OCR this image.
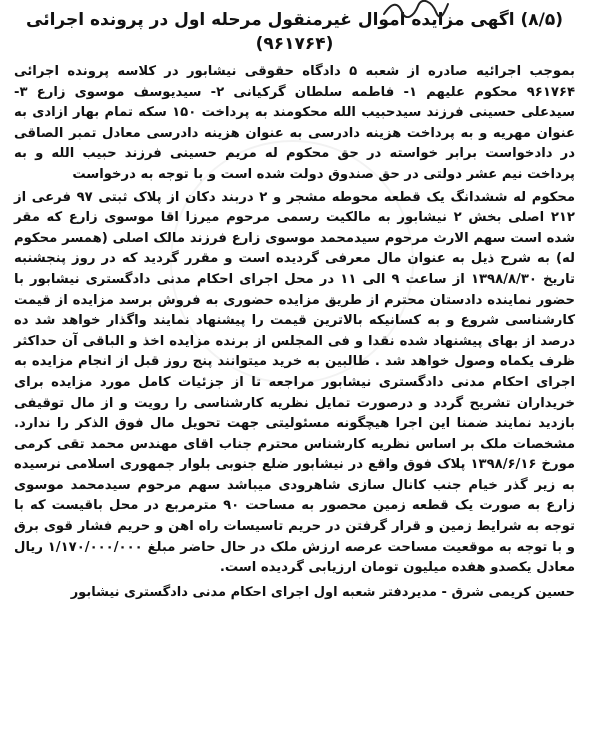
(۸/۵) اگهی مزایده اموال غیرمنقول مرحله اول در پرونده اجرائی
(۹۶۱۷۶۴)

بموجب اجرائیه صادره از شعبه ۵ دادگاه حقوقی نیشابور در کلاسه پرونده اجرائی ۹۶۱۷۶۴ محکوم علیهم ۱- فاطمه سلطان گرکیانی ۲- سیدیوسف موسوی زارع ۳- سیدعلی حسینی فرزند سیدحبیب الله محکومند به پرداخت ۱۵۰ سکه تمام بهار ازادی به عنوان مهریه و به پرداخت هزینه دادرسی به عنوان هزینه دادرسی معادل تمبر الصاقی در دادخواست برابر خواسته در حق محکوم له مریم حسینی فرزند حبیب الله و به پرداخت نیم عشر دولتی در حق صندوق دولت شده است و با توجه به درخواست

محکوم له ششدانگ یک قطعه محوطه مشجر و ۲ دربند دکان از پلاک ثبتی ۹۷ فرعی از ۲۱۲ اصلی بخش ۲ نیشابور به مالکیت رسمی مرحوم میرزا اقا موسوی زارع که مقر شده است سهم الارث مرحوم سیدمحمد موسوی زارع فرزند مالک اصلی (همسر محکوم له) به شرح ذیل به عنوان مال معرفی گردیده است و مقرر گردید که در روز پنجشنبه تاریخ ۱۳۹۸/۸/۳۰ از ساعت ۹ الی ۱۱ در محل اجرای احکام مدنی دادگستری نیشابور با حضور نماینده دادستان محترم از طریق مزایده حضوری به فروش برسد مزایده از قیمت کارشناسی شروع و به کسانیکه بالاترین قیمت را پیشنهاد نمایند واگذار خواهد شد ده درصد از بهای پیشنهاد شده نقدا و فی المجلس از برنده مزایده اخذ و الباقی آن حداکثر ظرف یکماه وصول خواهد شد . طالبین به خرید میتوانند پنج روز قبل از انجام مزایده به اجرای احکام مدنی دادگستری نیشابور مراجعه تا از جزئیات کامل مورد مزایده برای خریداران تشریح گردد و درصورت تمایل نظریه کارشناسی را رویت و از مال توقیفی بازدید نمایند ضمنا این اجرا هیچگونه مسئولیتی جهت تحویل مال فوق الذکر را ندارد. مشخصات ملک بر اساس نظریه کارشناس محترم جناب اقای مهندس محمد تقی کرمی مورخ ۱۳۹۸/۶/۱۶ پلاک فوق واقع در نیشابور ضلع جنوبی بلوار جمهوری اسلامی نرسیده به زیر گذر خیام جنب کانال سازی شاهرودی میباشد سهم مرحوم سیدمحمد موسوی زارع به صورت یک قطعه زمین محصور به مساحت ۹۰ مترمربع در محل باقیست که با توجه به شرایط زمین و قرار گرفتن در حریم تاسیسات راه اهن و حریم فشار قوی برق و با توجه به موقعیت مساحت عرصه ارزش ملک در حال حاضر مبلغ ۱/۱۷۰/۰۰۰/۰۰۰ ریال معادل یکصدو هفده میلیون تومان ارزیابی گردیده است.

حسین کریمی شرق - مدیردفتر شعبه اول اجرای احکام مدنی دادگستری نیشابور
